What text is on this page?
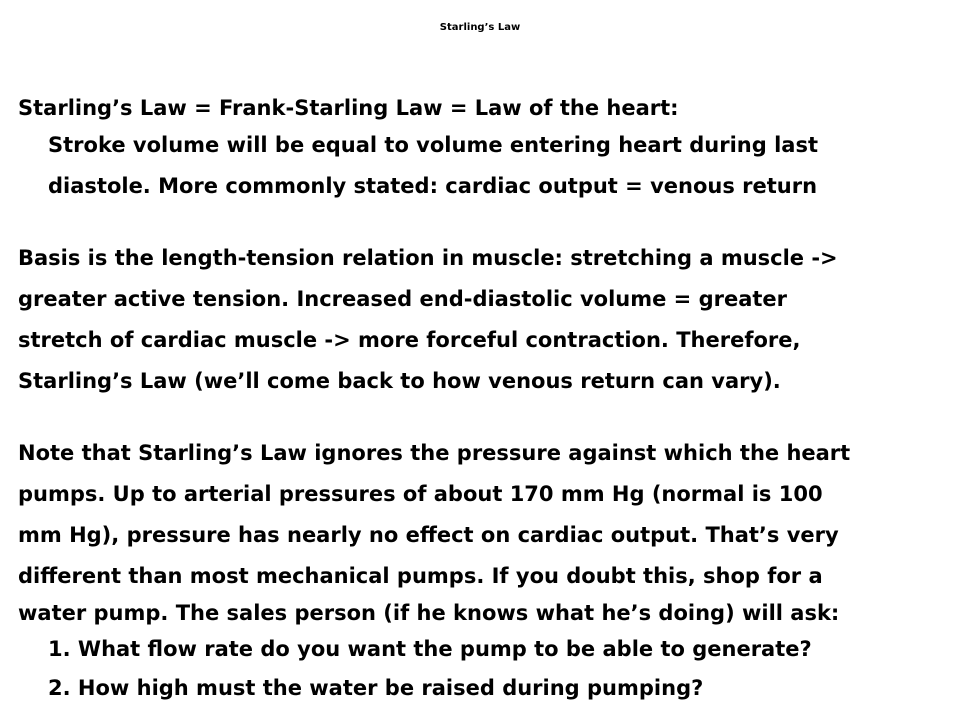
Starling’s Law
Starling’s Law = Frank-Starling Law = Law of the heart:
Stroke volume will be equal to volume entering heart during last
diastole. More commonly stated: cardiac output = venous return
Basis is the length-tension relation in muscle: stretching a muscle ->
greater active tension. Increased end-diastolic volume = greater
stretch of cardiac muscle -> more forceful contraction. Therefore,
Starling’s Law (we’ll come back to how venous return can vary).
Note that Starling’s Law ignores the pressure against which the heart
pumps. Up to arterial pressures of about 170 mm Hg (normal is 100
mm Hg), pressure has nearly no effect on cardiac output. That’s very
different than most mechanical pumps. If you doubt this, shop for a
water pump. The sales person (if he knows what he’s doing) will ask:
1. What flow rate do you want the pump to be able to generate?
2. How high must the water be raised during pumping?
